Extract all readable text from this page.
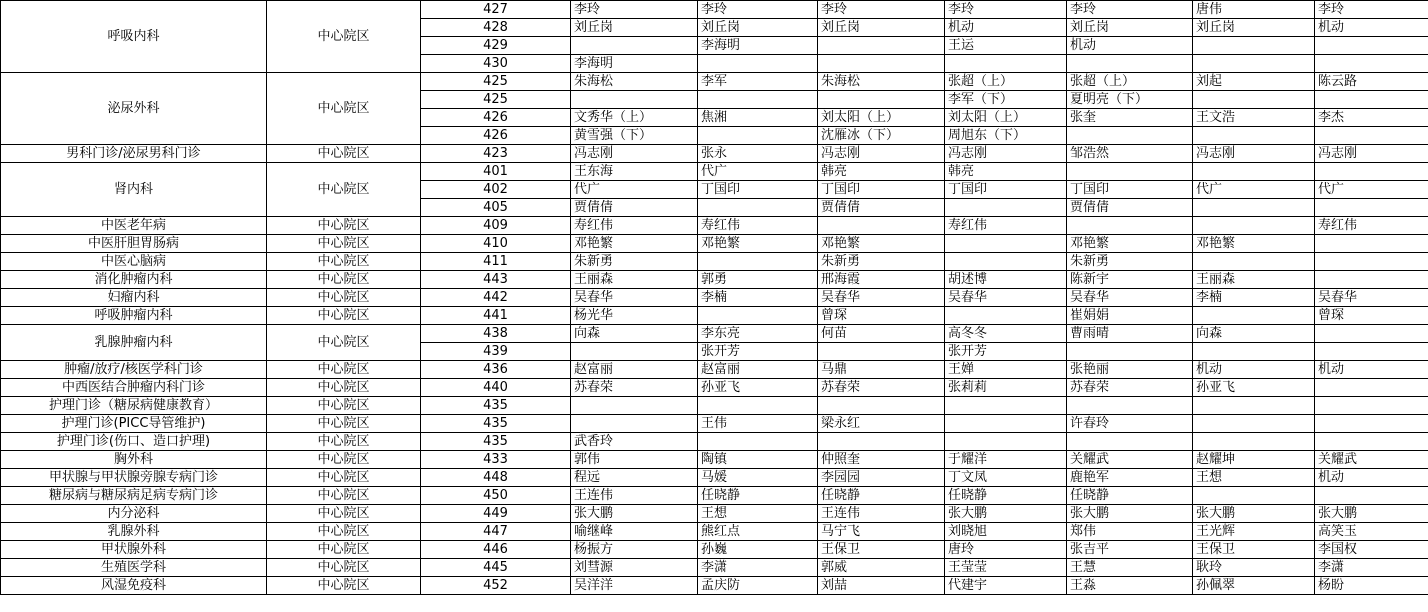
呼吸内科	中心院区	427	李玲	李玲	李玲	李玲	李玲	唐伟	李玲
		428	刘丘岗	刘丘岗	刘丘岗	机动	刘丘岗	刘丘岗	机动
		429		李海明		王运	机动		
		430	李海明						
泌尿外科	中心院区	425	朱海松	李军	朱海松	张超（上）	张超（上）	刘起	陈云路
		425				李军（下）	夏明亮（下）		
		426	文秀华（上）	焦湘	刘太阳（上）	刘太阳（上）	张奎	王文浩	李杰
		426	黄雪强（下）		沈雁冰（下）	周旭东（下）			
男科门诊/泌尿男科门诊	中心院区	423	冯志刚	张永	冯志刚	冯志刚	邹浩然	冯志刚	冯志刚
肾内科	中心院区	401	王东海	代广	韩亮	韩亮			
		402	代广	丁国印	丁国印	丁国印	丁国印	代广	代广
		405	贾倩倩		贾倩倩		贾倩倩		
中医老年病	中心院区	409	寿红伟	寿红伟		寿红伟			寿红伟
中医肝胆胃肠病	中心院区	410	邓艳繁	邓艳繁	邓艳繁		邓艳繁	邓艳繁	
中医心脑病	中心院区	411	朱新勇		朱新勇		朱新勇		
消化肿瘤内科	中心院区	443	王丽森	郭勇	邢海霞	胡述博	陈新宇	王丽森	
妇瘤内科	中心院区	442	吴春华	李楠	吴春华	吴春华	吴春华	李楠	吴春华
呼吸肿瘤内科	中心院区	441	杨光华		曾琛		崔娟娟		曾琛
乳腺肿瘤内科	中心院区	438	向森	李东亮	何苗	高冬冬	曹雨晴	向森	
		439		张开芳		张开芳			
肿瘤/放疗/核医学科门诊	中心院区	436	赵富丽	赵富丽	马鼎	王婵	张艳丽	机动	机动
中西医结合肿瘤内科门诊	中心院区	440	苏春荣	孙亚飞	苏春荣	张莉莉	苏春荣	孙亚飞	
护理门诊（糖尿病健康教育）	中心院区	435							
护理门诊(PICC导管维护)	中心院区	435		王伟	梁永红		许春玲		
护理门诊(伤口、造口护理)	中心院区	435	武香玲						
胸外科	中心院区	433	郭伟	陶镇	仲照奎	于耀洋	关耀武	赵耀坤	关耀武
甲状腺与甲状腺旁腺专病门诊	中心院区	448	程远	马媛	李园园	丁文凤	鹿艳军	王想	机动
糖尿病与糖尿病足病专病门诊	中心院区	450	王连伟	任晓静	任晓静	任晓静	任晓静		
内分泌科	中心院区	449	张大鹏	王想	王连伟	张大鹏	张大鹏	张大鹏	张大鹏
乳腺外科	中心院区	447	喻继峰	熊红点	马宁飞	刘晓旭	郑伟	王光辉	高笑玉
甲状腺外科	中心院区	446	杨振方	孙巍	王保卫	唐玲	张吉平	王保卫	李国权
生殖医学科	中心院区	445	刘彗源	李潇	郭威	王莹莹	王慧	耿玲	李潇
风湿免疫科	中心院区	452	吴洋洋	孟庆防	刘喆	代建宇	王淼	孙佩翠	杨盼
